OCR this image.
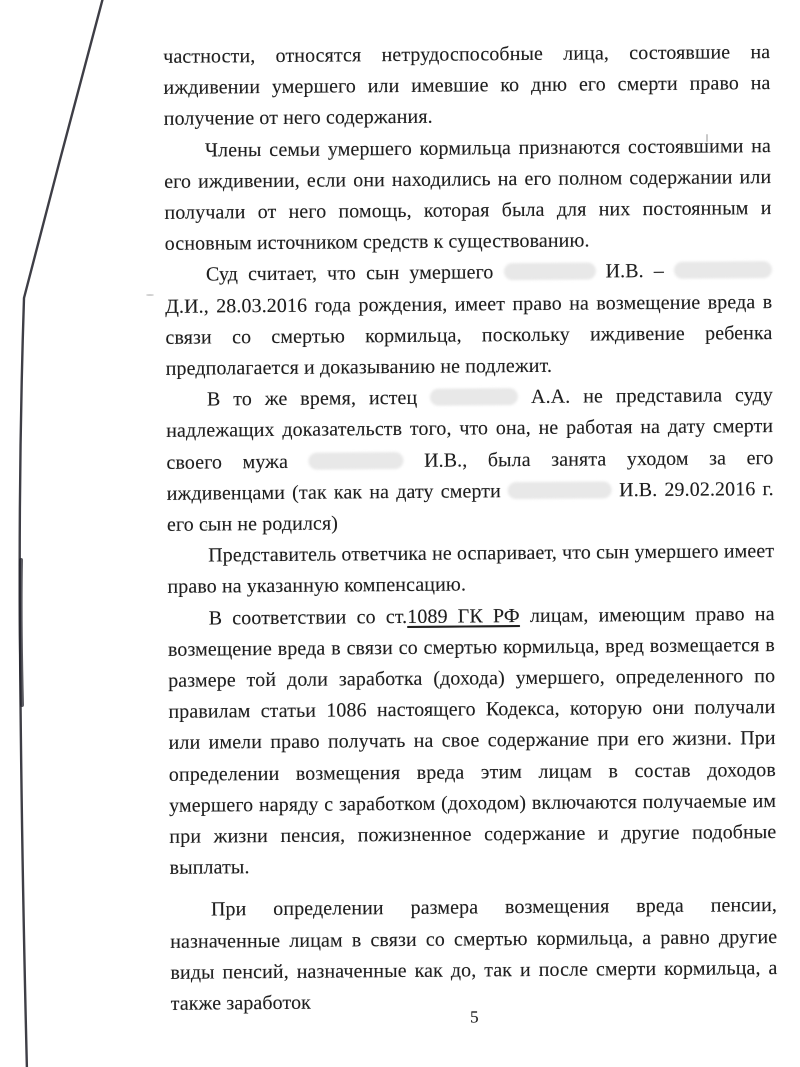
частности, относятся нетрудоспособные лица, состоявшие на иждивении умершего или имевшие ко дню его смерти право на получение от него содержания.

Члены семьи умершего кормильца признаются состоявшими на его иждивении, если они находились на его полном содержании или получали от него помощь, которая была для них постоянным и основным источником средств к существованию.

Суд считает, что сын умершего	И.В. –  Д.И., 28.03.2016 года рождения, имеет право на возмещение вреда в связи со смертью кормильца, поскольку иждивение ребенка предполагается и доказыванию не подлежит.

В то же время, истец	А.А. не представила суду надлежащих доказательств того, что она, не работая на дату смерти своего мужа	И.В., была занята уходом за его иждивенцами (так как на дату смерти	И.В. 29.02.2016 г. его сын не родился)

Представитель ответчика не оспаривает, что сын умершего имеет право на указанную компенсацию.

В соответствии со ст.1089 ГК РФ лицам, имеющим право на возмещение вреда в связи со смертью кормильца, вред возмещается в размере той доли заработка (дохода) умершего, определенного по правилам статьи 1086 настоящего Кодекса, которую они получали или имели право получать на свое содержание при его жизни. При определении возмещения вреда этим лицам в состав доходов умершего наряду с заработком (доходом) включаются получаемые им при жизни пенсия, пожизненное содержание и другие подобные выплаты.

При определении размера возмещения вреда пенсии, назначенные лицам в связи со смертью кормильца, а равно другие виды пенсий, назначенные как до, так и после смерти кормильца, а также заработок

5
